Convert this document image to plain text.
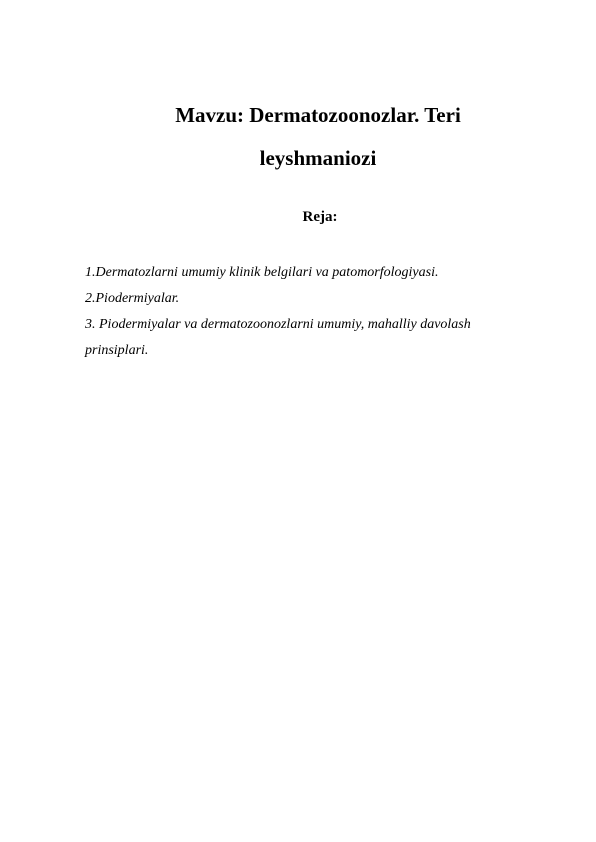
Mavzu: Dermatozoonozlar. Teri
leyshmaniozi
Reja:
1.Dermatozlarni umumiy klinik belgilari va patomorfologiyasi.
2.Piodermiyalar.
3. Piodermiyalar va dermatozoonozlarni umumiy, mahalliy davolash
prinsiplari.
